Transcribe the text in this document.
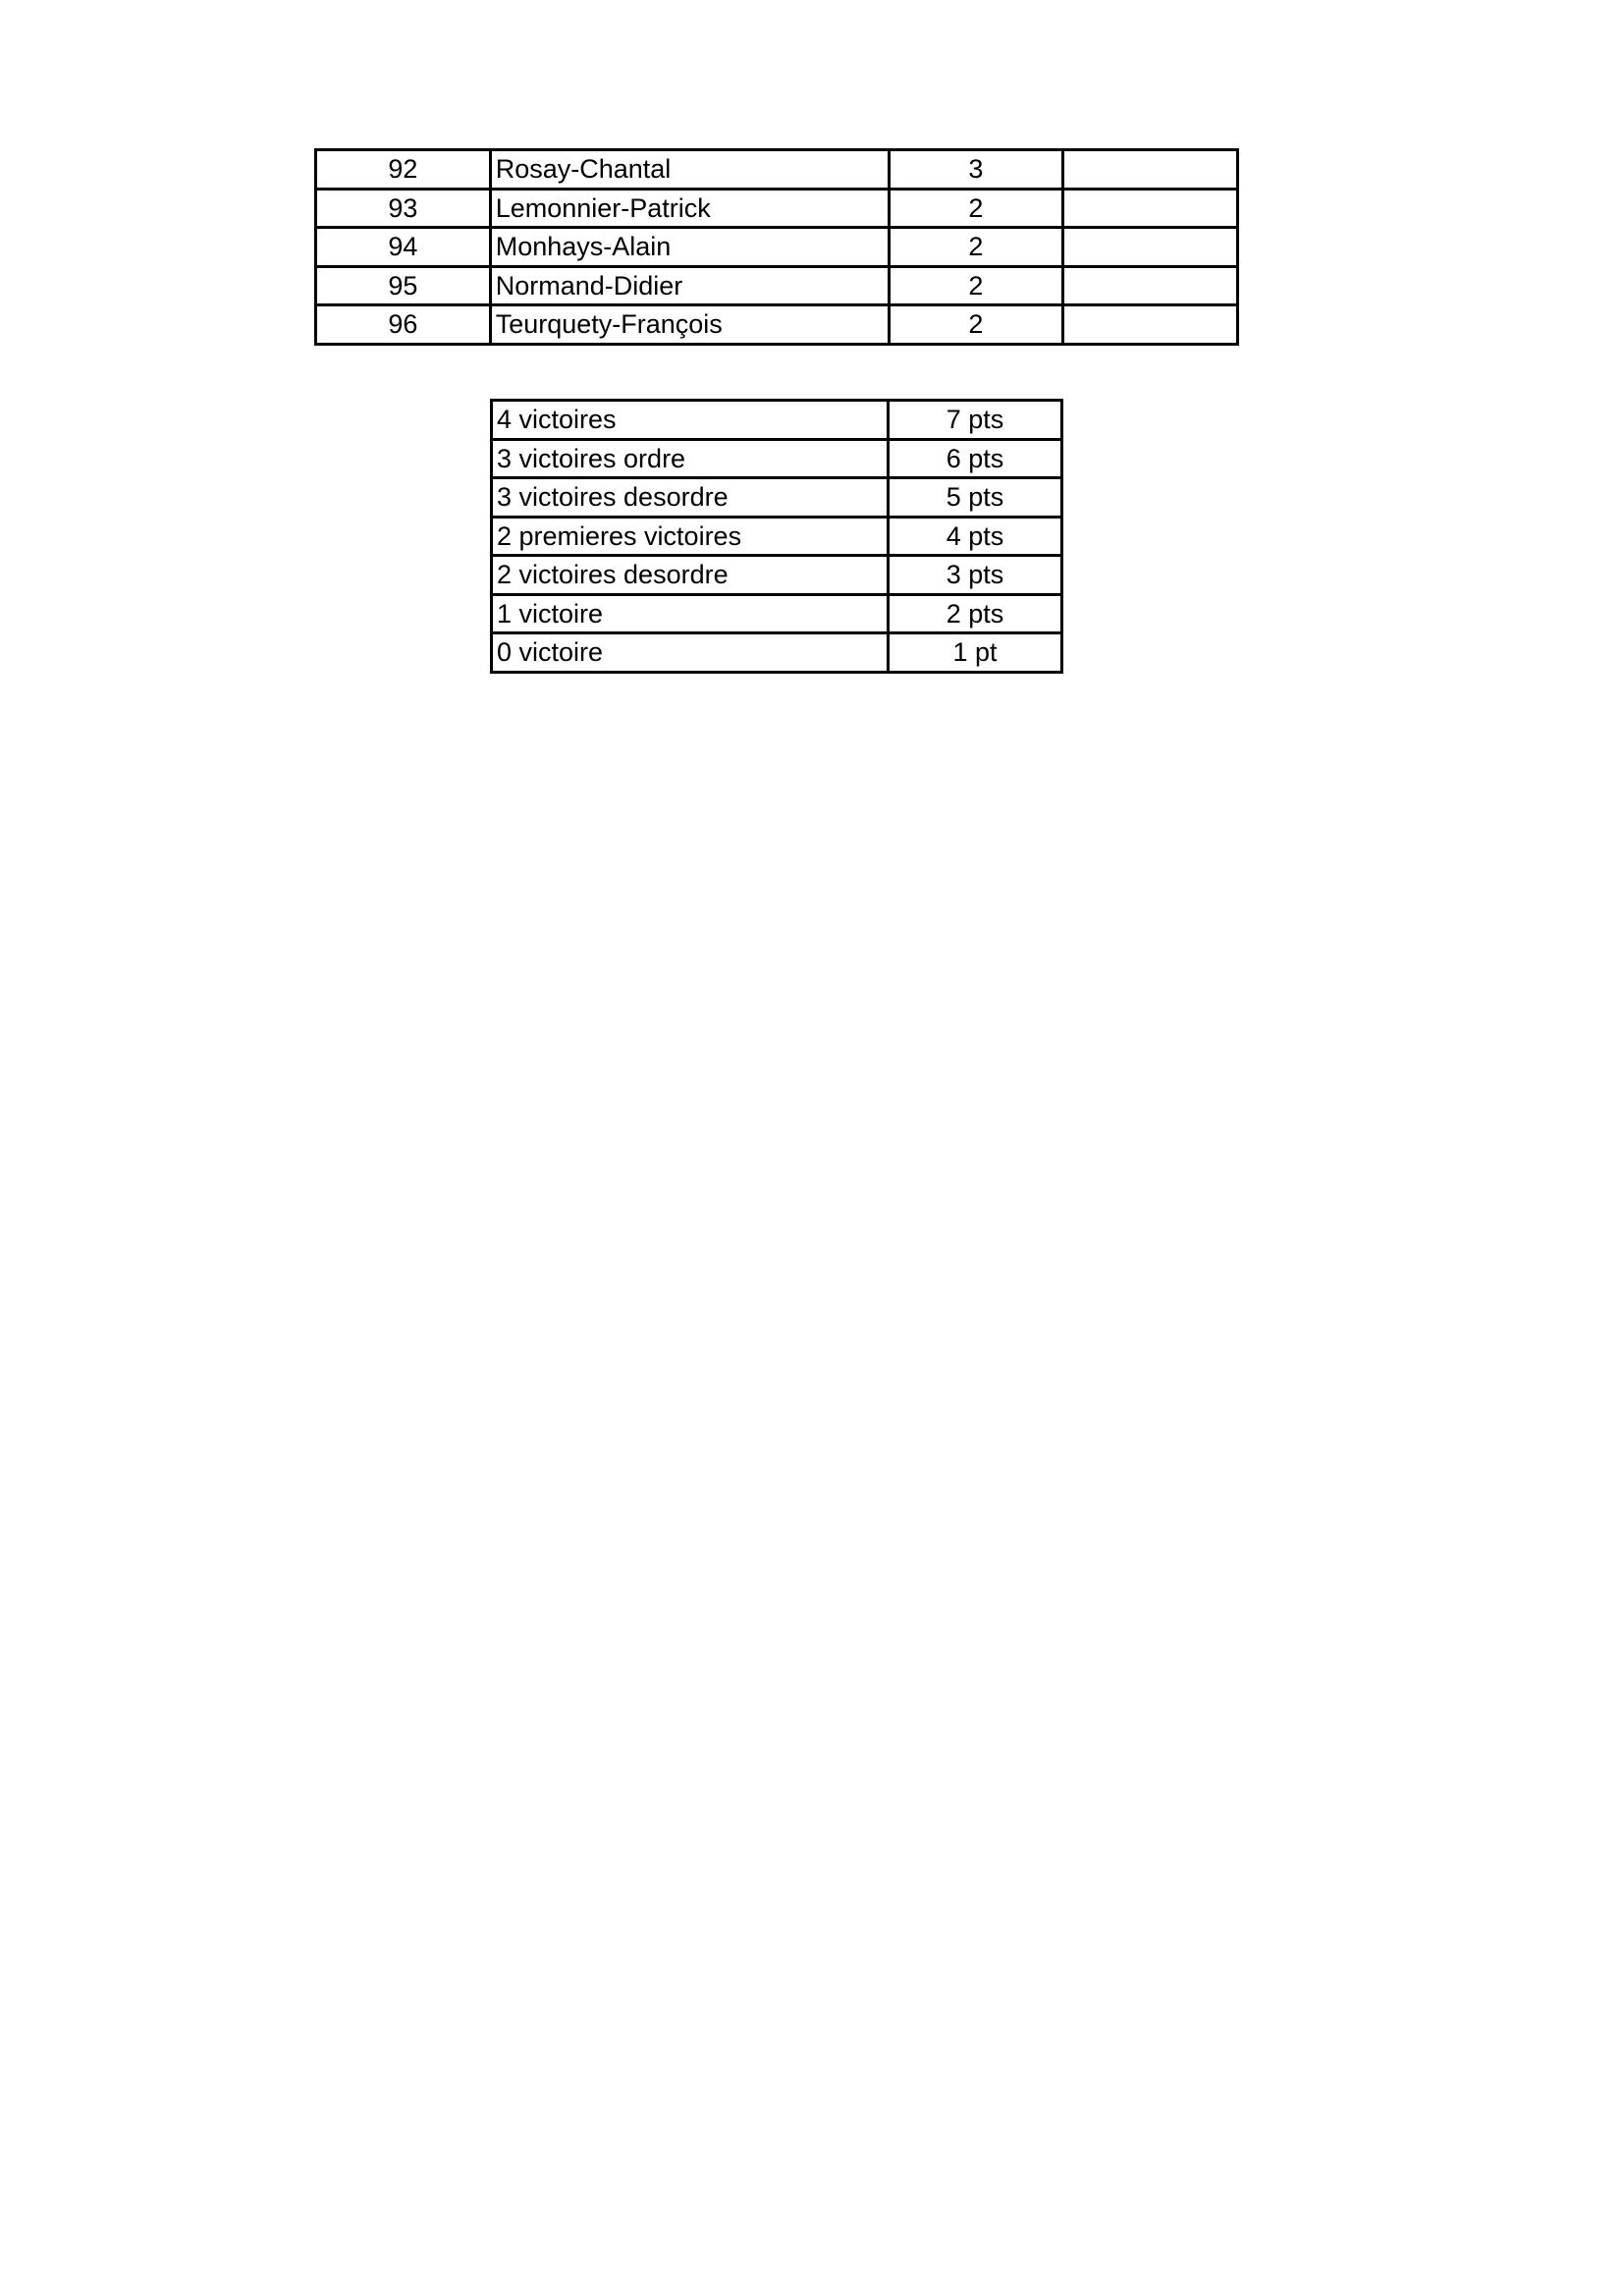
92	Rosay-Chantal	3	
93	Lemonnier-Patrick	2	
94	Monhays-Alain	2	
95	Normand-Didier	2	
96	Teurquety-François	2	
4 victoires	7 pts
3 victoires ordre	6 pts
3 victoires desordre	5 pts
2 premieres victoires	4 pts
2 victoires desordre	3 pts
1 victoire	2 pts
0 victoire	1 pt
